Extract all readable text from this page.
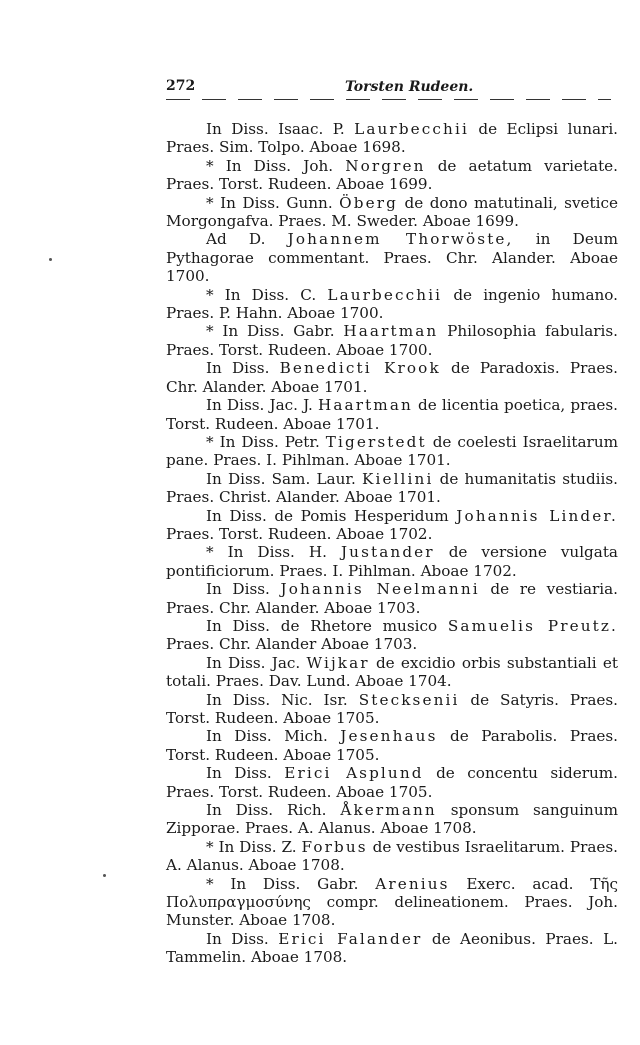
272	Torsten Rudeen.

In Diss. Isaac. P. Laurbecchii de Eclipsi lunari. Praes. Sim. Tolpo. Aboae 1698.

* In Diss. Joh. Norgren de aetatum varietate. Praes. Torst. Rudeen. Aboae 1699.

* In Diss. Gunn. Öberg de dono matutinali, svetice Morgongafva. Praes. M. Sweder. Aboae 1699.

Ad D. Johannem Thorwöste, in Deum Pythagorae commentant. Praes. Chr. Alander. Aboae 1700.

* In Diss. C. Laurbecchii de ingenio humano. Praes. P. Hahn. Aboae 1700.

* In Diss. Gabr. Haartman Philosophia fabularis. Praes. Torst. Rudeen. Aboae 1700.

In Diss. Benedicti Krook de Paradoxis. Praes. Chr. Alander. Aboae 1701.

In Diss. Jac. J. Haartman de licentia poetica, praes. Torst. Rudeen. Aboae 1701.

* In Diss. Petr. Tigerstedt de coelesti Israelitarum pane. Praes. I. Pihlman. Aboae 1701.

In Diss. Sam. Laur. Kiellini de humanitatis studiis. Praes. Christ. Alander. Aboae 1701.

In Diss. de Pomis Hesperidum Johannis Linder. Praes. Torst. Rudeen. Aboae 1702.

* In Diss. H. Justander de versione vulgata pontificiorum. Praes. I. Pihlman. Aboae 1702.

In Diss. Johannis Neelmanni de re vestiaria. Praes. Chr. Alander. Aboae 1703.

In Diss. de Rhetore musico Samuelis Preutz. Praes. Chr. Alander Aboae 1703.

In Diss. Jac. Wijkar de excidio orbis substantiali et totali. Praes. Dav. Lund. Aboae 1704.

In Diss. Nic. Isr. Stecksenii de Satyris. Praes. Torst. Rudeen. Aboae 1705.

In Diss. Mich. Jesenhaus de Parabolis. Praes. Torst. Rudeen. Aboae 1705.

In Diss. Erici Asplund de concentu siderum. Praes. Torst. Rudeen. Aboae 1705.

In Diss. Rich. Åkermann sponsum sanguinum Zipporae. Praes. A. Alanus. Aboae 1708.

* In Diss. Z. Forbus de vestibus Israelitarum. Praes. A. Alanus. Aboae 1708.

* In Diss. Gabr. Arenius Exerc. acad. Τῆς Πολυπραγμοσύνης compr. delineationem. Praes. Joh. Munster. Aboae 1708.

In Diss. Erici Falander de Aeonibus. Praes. L. Tammelin. Aboae 1708.
